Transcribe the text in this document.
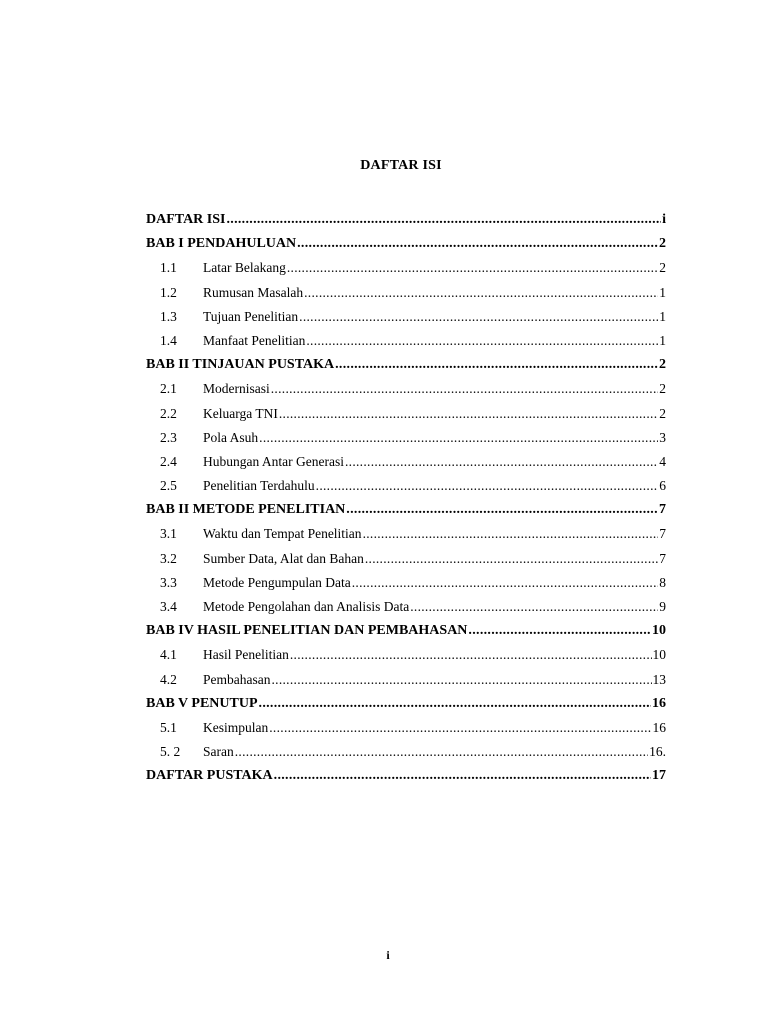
DAFTAR ISI
DAFTAR ISI .....	i
BAB I PENDAHULUAN .....	2
1.1	Latar Belakang .....	2
1.2	Rumusan Masalah .....	1
1.3	Tujuan Penelitian .....	1
1.4	Manfaat Penelitian .....	1
BAB II TINJAUAN PUSTAKA .....	2
2.1	Modernisasi .....	2
2.2	Keluarga TNI .....	2
2.3	Pola Asuh .....	3
2.4	Hubungan Antar Generasi .....	4
2.5	Penelitian Terdahulu .....	6
BAB II METODE PENELITIAN .....	7
3.1	Waktu dan Tempat Penelitian .....	7
3.2	Sumber Data, Alat dan Bahan .....	7
3.3	Metode Pengumpulan Data .....	8
3.4	Metode Pengolahan dan Analisis Data .....	9
BAB IV HASIL PENELITIAN DAN PEMBAHASAN .....	10
4.1	Hasil Penelitian .....	10
4.2	Pembahasan .....	13
BAB V PENUTUP .....	16
5.1	Kesimpulan .....	16
5. 2	Saran .....	16.
DAFTAR PUSTAKA .....	17
i
